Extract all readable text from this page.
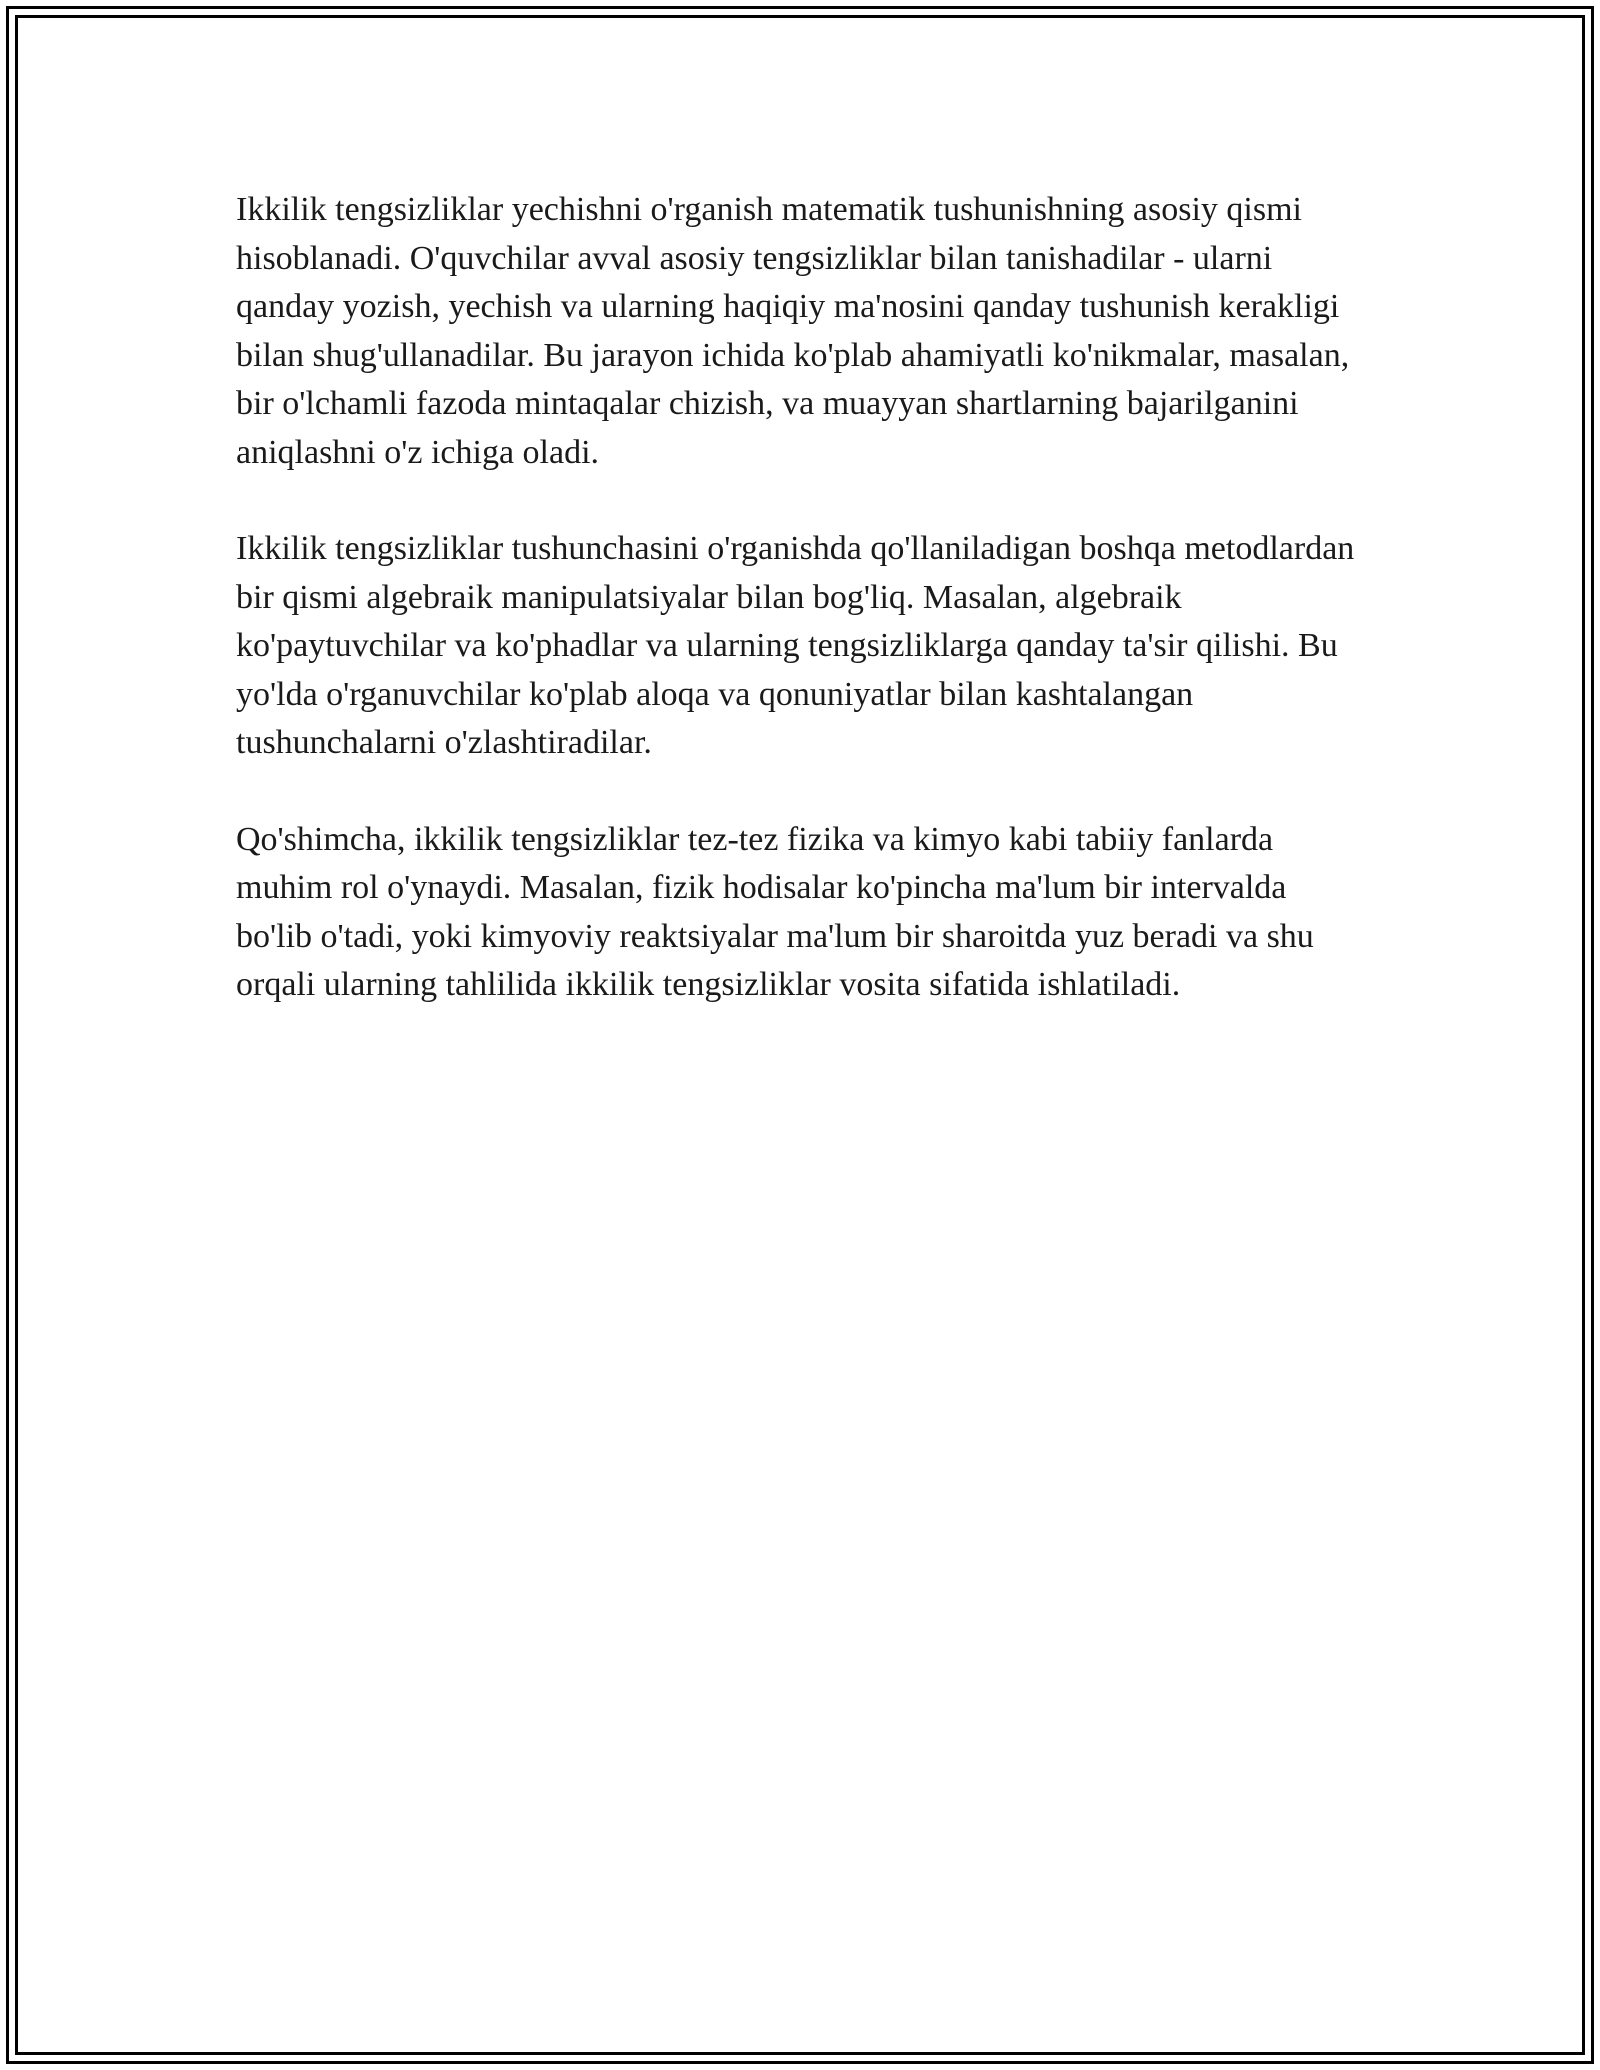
Ikkilik tengsizliklar yechishni o'rganish matematik tushunishning asosiy qismi hisoblanadi. O'quvchilar avval asosiy tengsizliklar bilan tanishadilar - ularni qanday yozish, yechish va ularning haqiqiy ma'nosini qanday tushunish kerakligi bilan shug'ullanadilar. Bu jarayon ichida ko'plab ahamiyatli ko'nikmalar, masalan, bir o'lchamli fazoda mintaqalar chizish, va muayyan shartlarning bajarilganini aniqlashni o'z ichiga oladi.

Ikkilik tengsizliklar tushunchasini o'rganishda qo'llaniladigan boshqa metodlardan bir qismi algebraik manipulatsiyalar bilan bog'liq. Masalan, algebraik ko'paytuvchilar va ko'phadlar va ularning tengsizliklarga qanday ta'sir qilishi. Bu yo'lda o'rganuvchilar ko'plab aloqa va qonuniyatlar bilan kashtalangan tushunchalarni o'zlashtiradilar.

Qo'shimcha, ikkilik tengsizliklar tez-tez fizika va kimyo kabi tabiiy fanlarda muhim rol o'ynaydi. Masalan, fizik hodisalar ko'pincha ma'lum bir intervalda bo'lib o'tadi, yoki kimyoviy reaktsiyalar ma'lum bir sharoitda yuz beradi va shu orqali ularning tahlilida ikkilik tengsizliklar vosita sifatida ishlatiladi.
